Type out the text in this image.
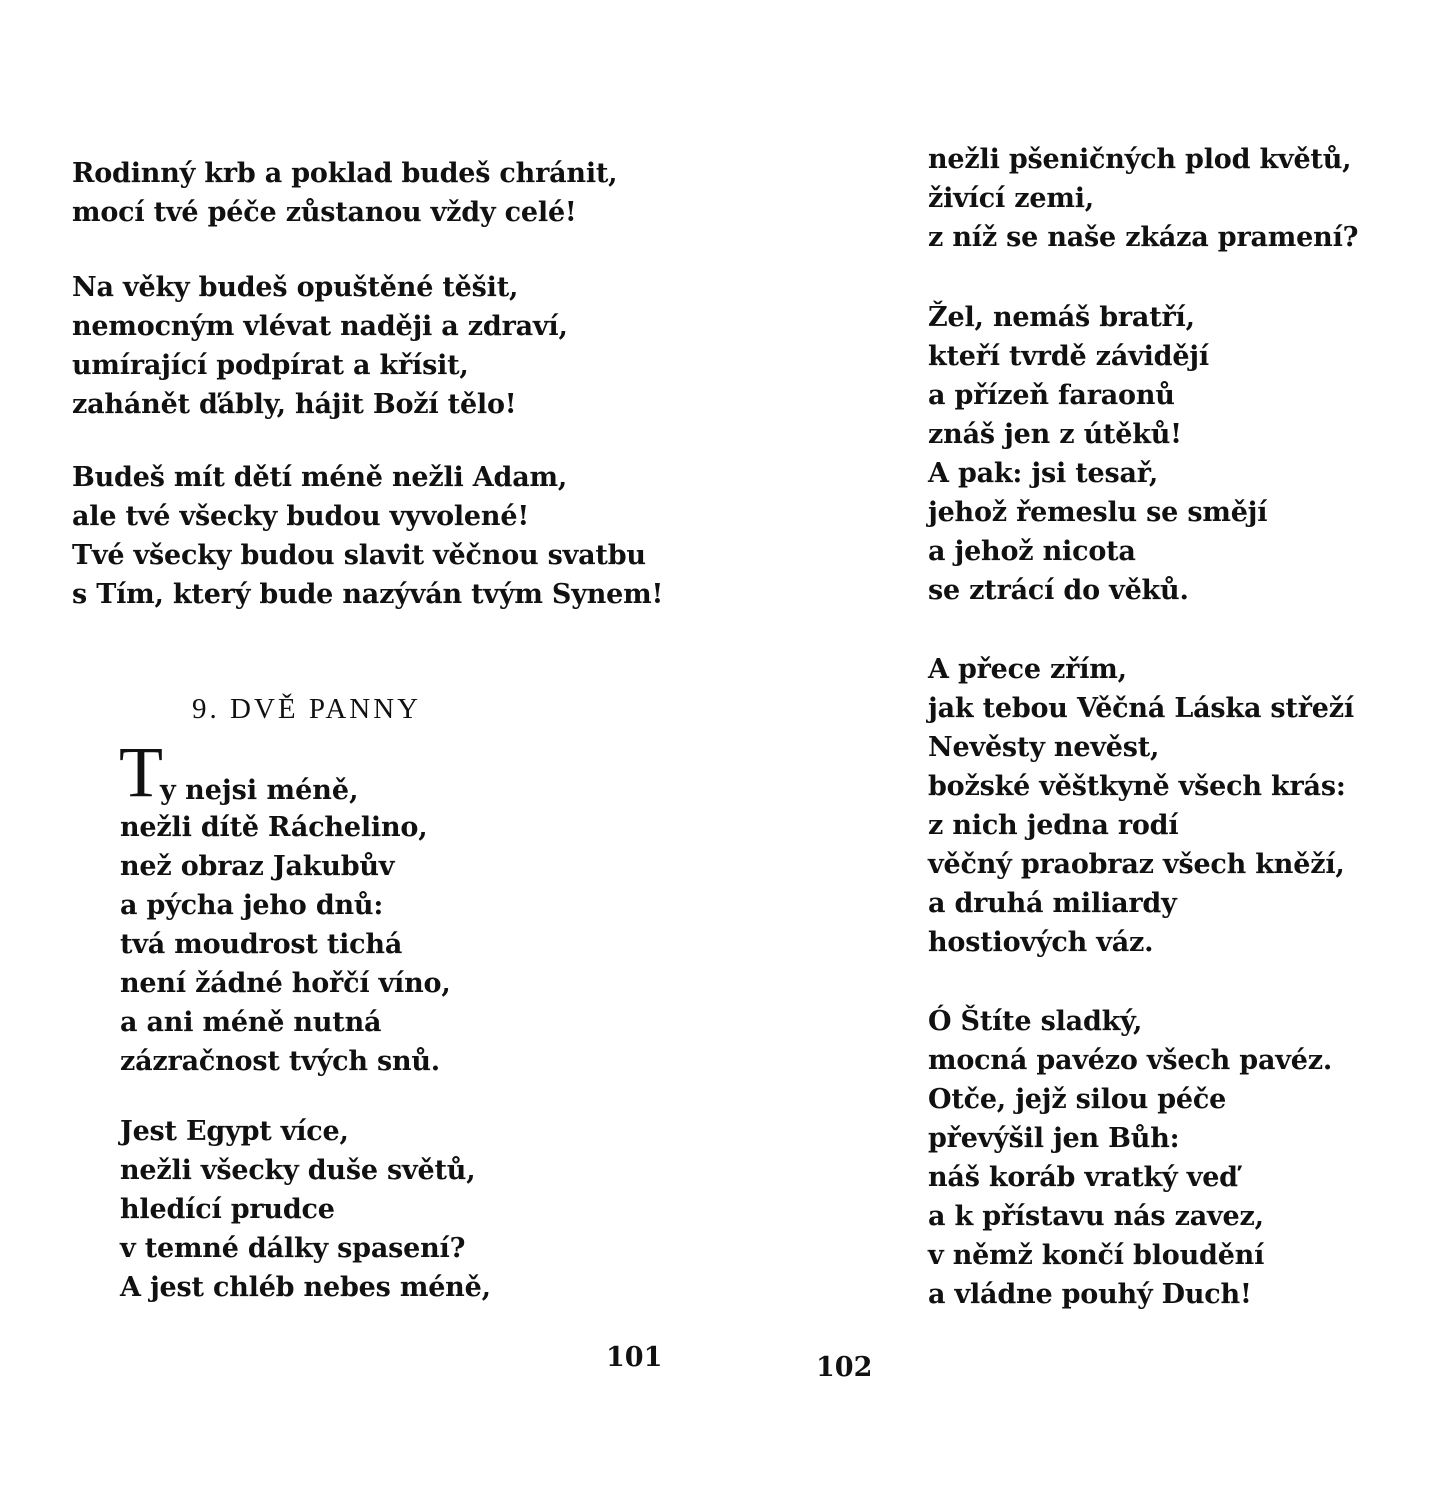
Rodinný krb a poklad budeš chránit,
mocí tvé péče zůstanou vždy celé!
Na věky budeš opuštěné těšit,
nemocným vlévat naději a zdraví,
umírající podpírat a křísit,
zahánět ďábly, hájit Boží tělo!
Budeš mít dětí méně nežli Adam,
ale tvé všecky budou vyvolené!
Tvé všecky budou slavit věčnou svatbu
s Tím, který bude nazýván tvým Synem!
9. DVĚ PANNY
T
y nejsi méně,
nežli dítě Ráchelino,
než obraz Jakubův
a pýcha jeho dnů:
tvá moudrost tichá
není žádné hořčí víno,
a ani méně nutná
zázračnost tvých snů.
Jest Egypt více,
nežli všecky duše světů,
hledící prudce
v temné dálky spasení?
A jest chléb nebes méně,
101
nežli pšeničných plod květů,
živící zemi,
z níž se naše zkáza pramení?
Žel, nemáš bratří,
kteří tvrdě závidějí
a přízeň faraonů
znáš jen z útěků!
A pak: jsi tesař,
jehož řemeslu se smějí
a jehož nicota
se ztrácí do věků.
A přece zřím,
jak tebou Věčná Láska střeží
Nevěsty nevěst,
božské věštkyně všech krás:
z nich jedna rodí
věčný praobraz všech kněží,
a druhá miliardy
hostiových váz.
Ó Štíte sladký,
mocná pavézo všech pavéz.
Otče, jejž silou péče
převýšil jen Bůh:
náš koráb vratký veď
a k přístavu nás zavez,
v němž končí bloudění
a vládne pouhý Duch!
102
